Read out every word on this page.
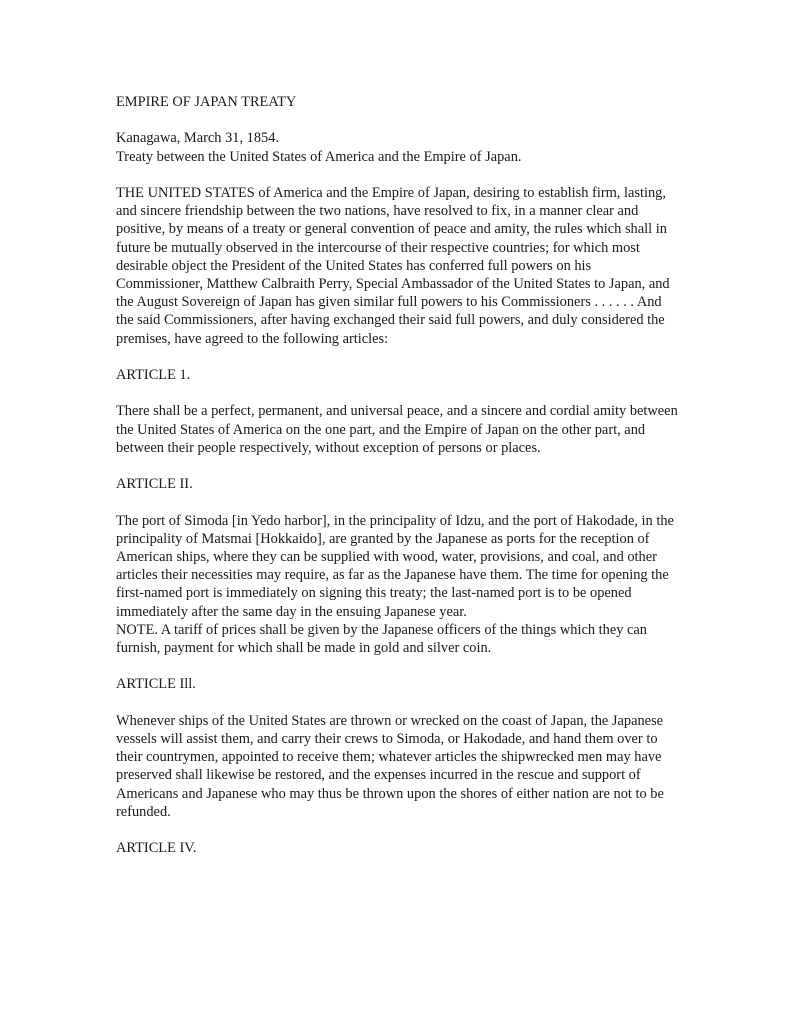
EMPIRE OF JAPAN TREATY

Kanagawa, March 31, 1854.

Treaty between the United States of America and the Empire of Japan.

THE UNITED STATES of America and the Empire of Japan, desiring to establish firm, lasting, and sincere friendship between the two nations, have resolved to fix, in a manner clear and positive, by means of a treaty or general convention of peace and amity, the rules which shall in future be mutually observed in the intercourse of their respective countries; for which most desirable object the President of the United States has conferred full powers on his Commissioner, Matthew Calbraith Perry, Special Ambassador of the United States to Japan, and the August Sovereign of Japan has given similar full powers to his Commissioners . . . . . . And the said Commissioners, after having exchanged their said full powers, and duly considered the premises, have agreed to the following articles:

ARTICLE 1.

There shall be a perfect, permanent, and universal peace, and a sincere and cordial amity between the United States of America on the one part, and the Empire of Japan on the other part, and between their people respectively, without exception of persons or places.

ARTICLE II.

The port of Simoda [in Yedo harbor], in the principality of Idzu, and the port of Hakodade, in the principality of Matsmai [Hokkaido], are granted by the Japanese as ports for the reception of American ships, where they can be supplied with wood, water, provisions, and coal, and other articles their necessities may require, as far as the Japanese have them. The time for opening the first-named port is immediately on signing this treaty; the last-named port is to be opened immediately after the same day in the ensuing Japanese year.

NOTE. A tariff of prices shall be given by the Japanese officers of the things which they can furnish, payment for which shall be made in gold and silver coin.

ARTICLE Ill.

Whenever ships of the United States are thrown or wrecked on the coast of Japan, the Japanese vessels will assist them, and carry their crews to Simoda, or Hakodade, and hand them over to their countrymen, appointed to receive them; whatever articles the shipwrecked men may have preserved shall likewise be restored, and the expenses incurred in the rescue and support of Americans and Japanese who may thus be thrown upon the shores of either nation are not to be refunded.

ARTICLE IV.
